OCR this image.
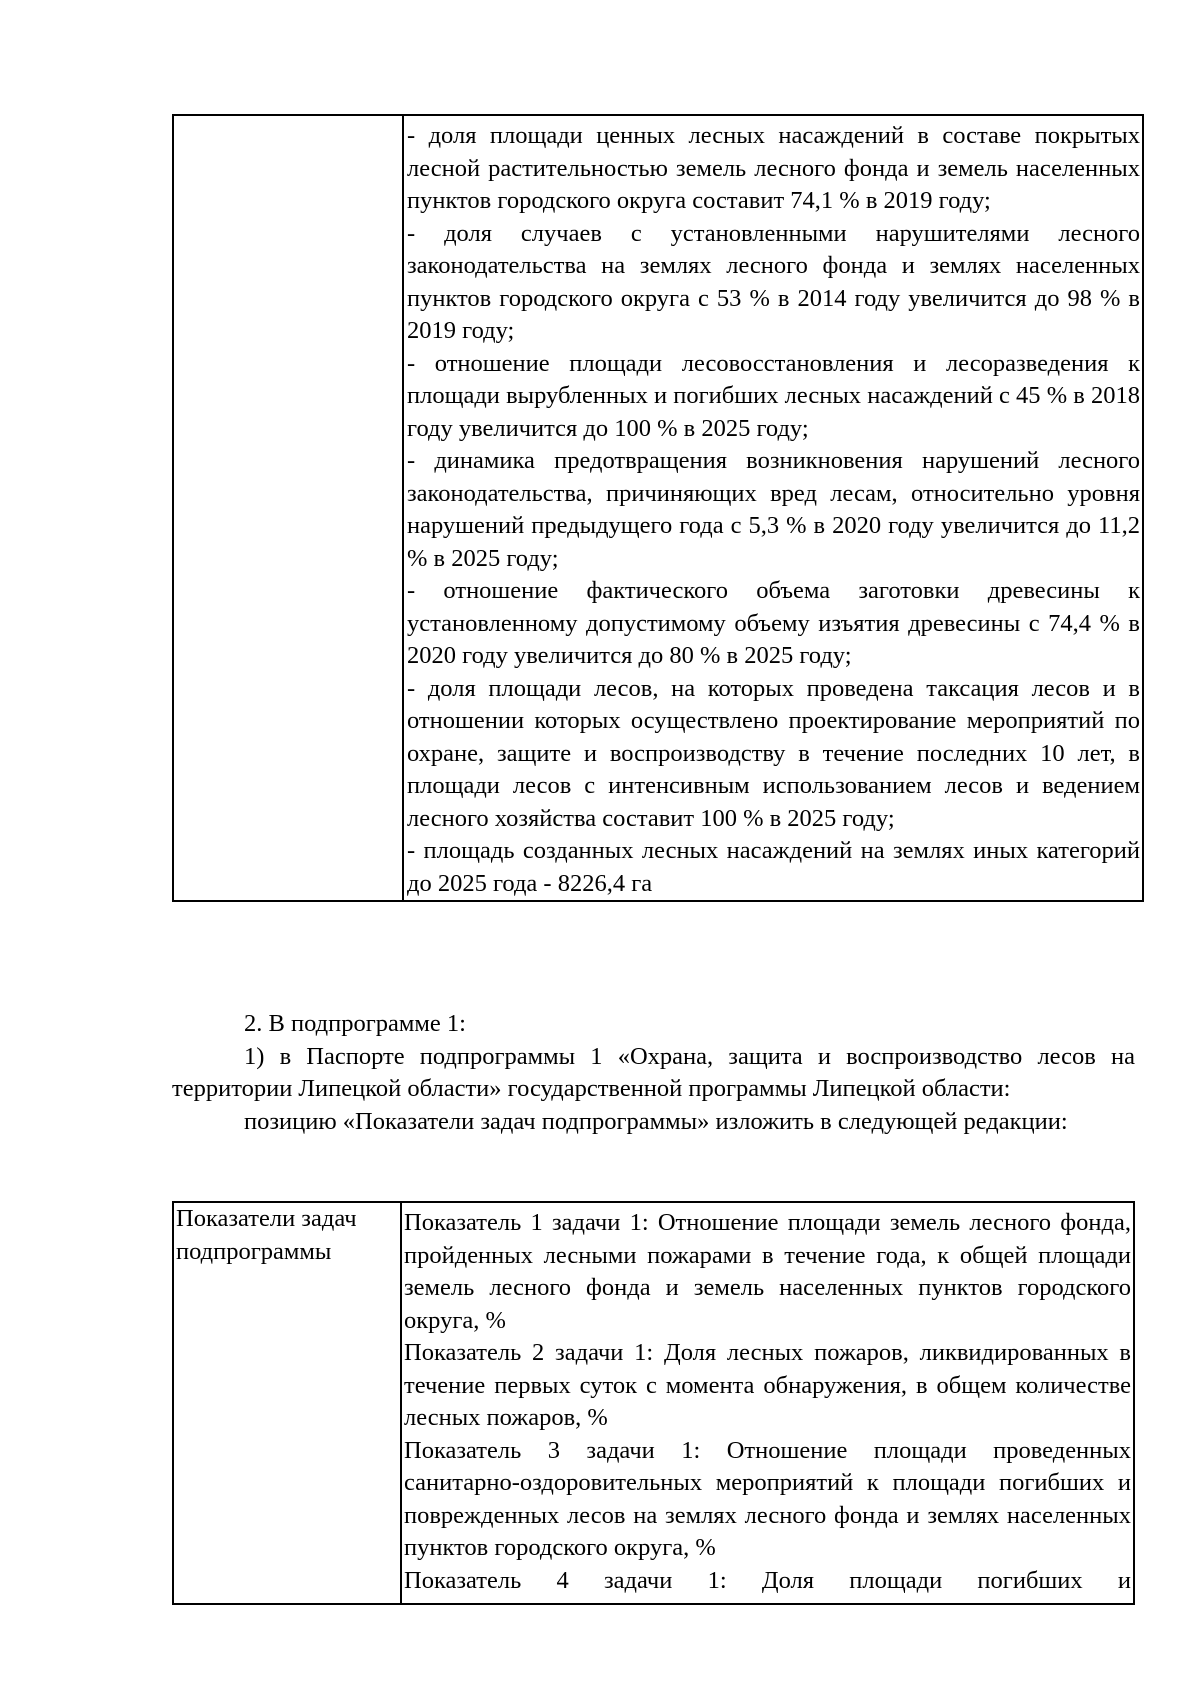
- доля площади ценных лесных насаждений в составе покрытых лесной растительностью земель лесного фонда и земель населенных пунктов городского округа составит 74,1 % в 2019 году;

- доля случаев с установленными нарушителями лесного законодательства на землях лесного фонда и землях населенных пунктов городского округа с 53 % в 2014 году увеличится до 98 % в 2019 году;

- отношение площади лесовосстановления и лесоразведения к площади вырубленных и погибших лесных насаждений с 45 % в 2018 году увеличится до 100 % в 2025 году;

- динамика предотвращения возникновения нарушений лесного законодательства, причиняющих вред лесам, относительно уровня нарушений предыдущего года с 5,3 % в 2020 году увеличится до 11,2 % в 2025 году;

- отношение фактического объема заготовки древесины к установленному допустимому объему изъятия древесины с 74,4 % в 2020 году увеличится до 80 % в 2025 году;

- доля площади лесов, на которых проведена таксация лесов и в отношении которых осуществлено проектирование мероприятий по охране, защите и воспроизводству в течение последних 10 лет, в площади лесов с интенсивным использованием лесов и ведением лесного хозяйства составит 100 % в 2025 году;

- площадь созданных лесных насаждений на землях иных категорий до 2025 года - 8226,4 га

2. В подпрограмме 1:

1) в Паспорте подпрограммы 1 «Охрана, защита и воспроизводство лесов на территории Липецкой области» государственной программы Липецкой области:

позицию «Показатели задач подпрограммы» изложить в следующей редакции:

Показатели задач подпрограммы

Показатель 1 задачи 1: Отношение площади земель лесного фонда, пройденных лесными пожарами в течение года, к общей площади земель лесного фонда и земель населенных пунктов городского округа, %

Показатель 2 задачи 1: Доля лесных пожаров, ликвидированных в течение первых суток с момента обнаружения, в общем количестве лесных пожаров, %

Показатель 3 задачи 1: Отношение площади проведенных санитарно-оздоровительных мероприятий к площади погибших и поврежденных лесов на землях лесного фонда и землях населенных пунктов городского округа, %

Показатель 4 задачи 1: Доля площади погибших и
